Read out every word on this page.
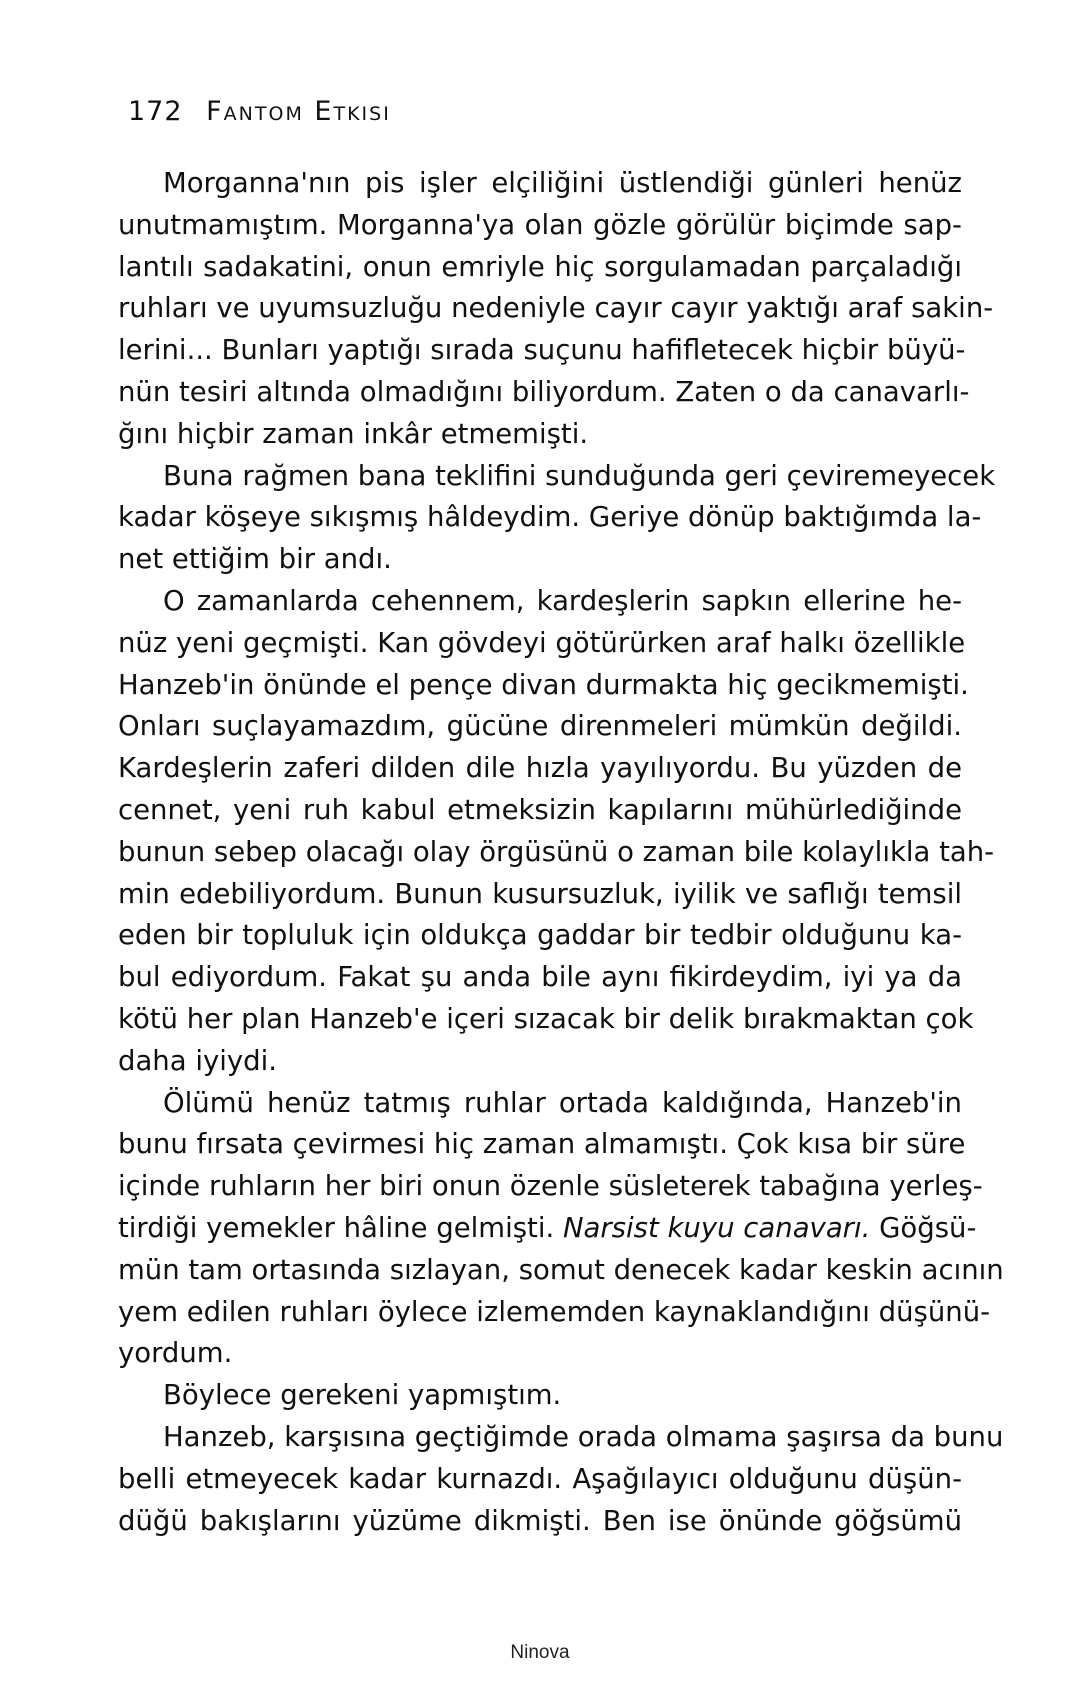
172 Fantom Etkisi
Morganna'nın pis işler elçiliğini üstlendiği günleri henüz
unutmamıştım. Morganna'ya olan gözle görülür biçimde sap-
lantılı sadakatini, onun emriyle hiç sorgulamadan parçaladığı
ruhları ve uyumsuzluğu nedeniyle cayır cayır yaktığı araf sakin-
lerini... Bunları yaptığı sırada suçunu hafifletecek hiçbir büyü-
nün tesiri altında olmadığını biliyordum. Zaten o da canavarlı-
ğını hiçbir zaman inkâr etmemişti.
Buna rağmen bana teklifini sunduğunda geri çeviremeyecek
kadar köşeye sıkışmış hâldeydim. Geriye dönüp baktığımda la-
net ettiğim bir andı.
O zamanlarda cehennem, kardeşlerin sapkın ellerine he-
nüz yeni geçmişti. Kan gövdeyi götürürken araf halkı özellikle
Hanzeb'in önünde el pençe divan durmakta hiç gecikmemişti.
Onları suçlayamazdım, gücüne direnmeleri mümkün değildi.
Kardeşlerin zaferi dilden dile hızla yayılıyordu. Bu yüzden de
cennet, yeni ruh kabul etmeksizin kapılarını mühürlediğinde
bunun sebep olacağı olay örgüsünü o zaman bile kolaylıkla tah-
min edebiliyordum. Bunun kusursuzluk, iyilik ve saflığı temsil
eden bir topluluk için oldukça gaddar bir tedbir olduğunu ka-
bul ediyordum. Fakat şu anda bile aynı fikirdeydim, iyi ya da
kötü her plan Hanzeb'e içeri sızacak bir delik bırakmaktan çok
daha iyiydi.
Ölümü henüz tatmış ruhlar ortada kaldığında, Hanzeb'in
bunu fırsata çevirmesi hiç zaman almamıştı. Çok kısa bir süre
içinde ruhların her biri onun özenle süsleterek tabağına yerleş-
tirdiği yemekler hâline gelmişti. Narsist kuyu canavarı. Göğsü-
mün tam ortasında sızlayan, somut denecek kadar keskin acının
yem edilen ruhları öylece izlememden kaynaklandığını düşünü-
yordum.
Böylece gerekeni yapmıştım.
Hanzeb, karşısına geçtiğimde orada olmama şaşırsa da bunu
belli etmeyecek kadar kurnazdı. Aşağılayıcı olduğunu düşün-
düğü bakışlarını yüzüme dikmişti. Ben ise önünde göğsümü
Ninova
